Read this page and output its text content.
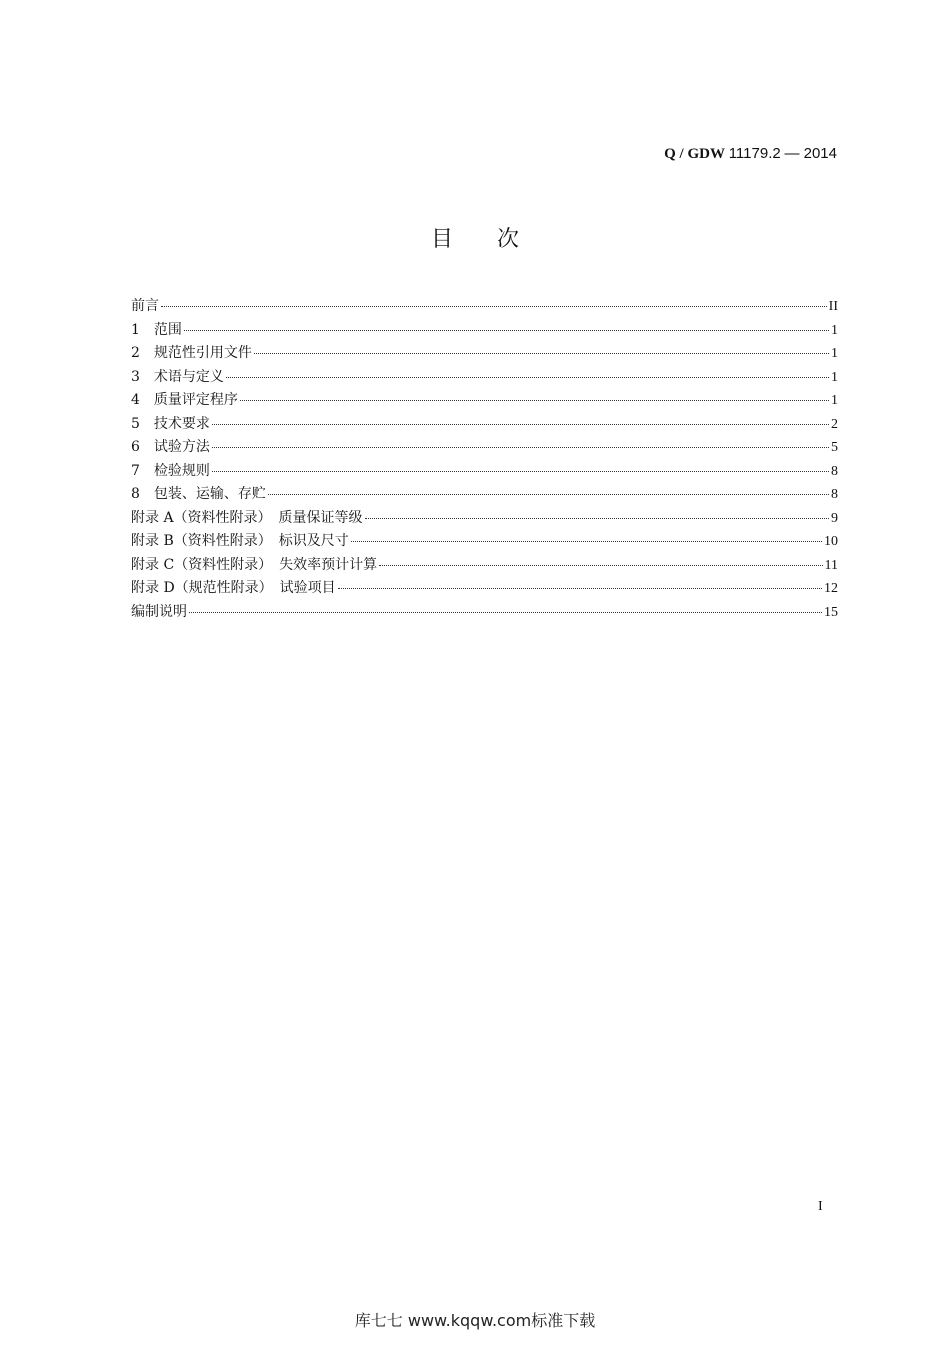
Q / GDW 11179.2 — 2014
目次
前言	II
1　范围	1
2　规范性引用文件	1
3　术语与定义	1
4　质量评定程序	1
5　技术要求	2
6　试验方法	5
7　检验规则	8
8　包装、运输、存贮	8
附录 A（资料性附录）　质量保证等级	9
附录 B（资料性附录）　标识及尺寸	10
附录 C（资料性附录）　失效率预计计算	11
附录 D（规范性附录）　试验项目	12
编制说明	15
I
库七七 www.kqqw.com标准下载
